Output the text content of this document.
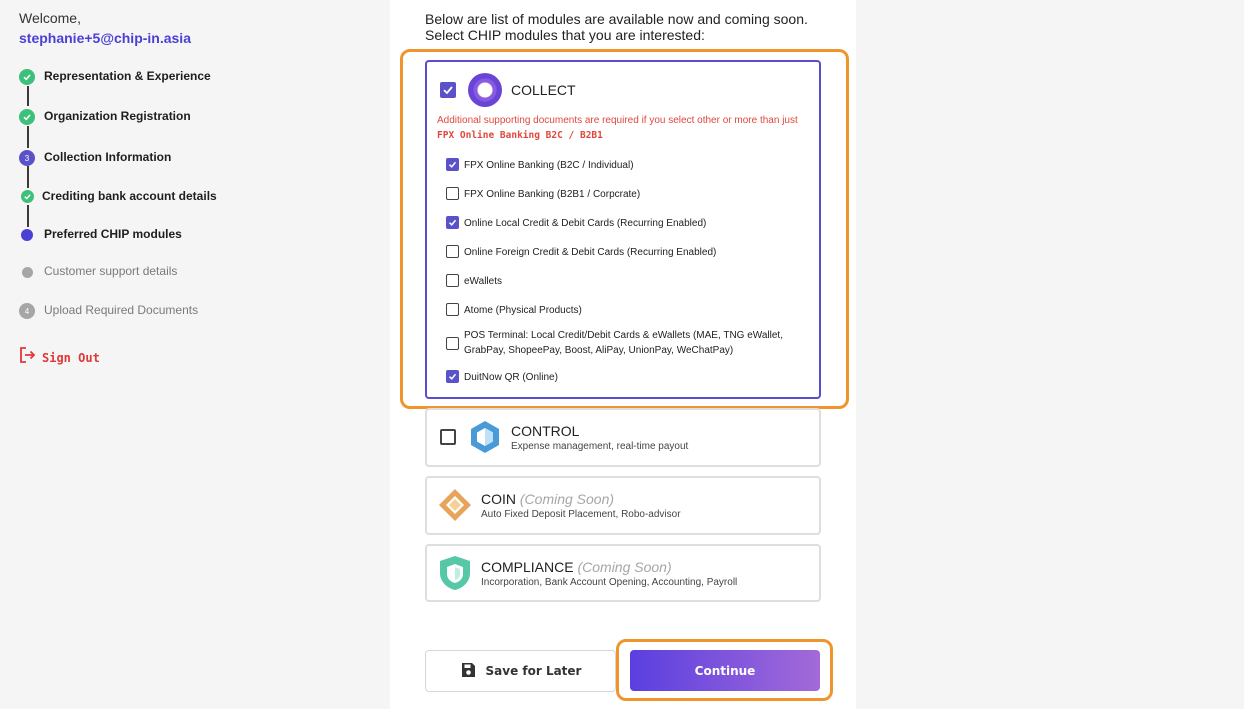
Welcome,
stephanie+5@chip-in.asia
Representation & Experience
Organization Registration
3	Collection Information
Crediting bank account details
Preferred CHIP modules
Customer support details
4	Upload Required Documents
Sign Out
Below are list of modules are available now and coming soon.
Select CHIP modules that you are interested:
COLLECT
Additional supporting documents are required if you select other or more than just FPX Online Banking B2C / B2B1
FPX Online Banking (B2C / Individual)
FPX Online Banking (B2B1 / Corpcrate)
Online Local Credit & Debit Cards (Recurring Enabled)
Online Foreign Credit & Debit Cards (Recurring Enabled)
eWallets
Atome (Physical Products)
POS Terminal: Local Credit/Debit Cards & eWallets (MAE, TNG eWallet, GrabPay, ShopeePay, Boost, AliPay, UnionPay, WeChatPay)
DuitNow QR (Online)
CONTROL
Expense management, real-time payout
COIN (Coming Soon)
Auto Fixed Deposit Placement, Robo-advisor
COMPLIANCE (Coming Soon)
Incorporation, Bank Account Opening, Accounting, Payroll
Save for Later	Continue
